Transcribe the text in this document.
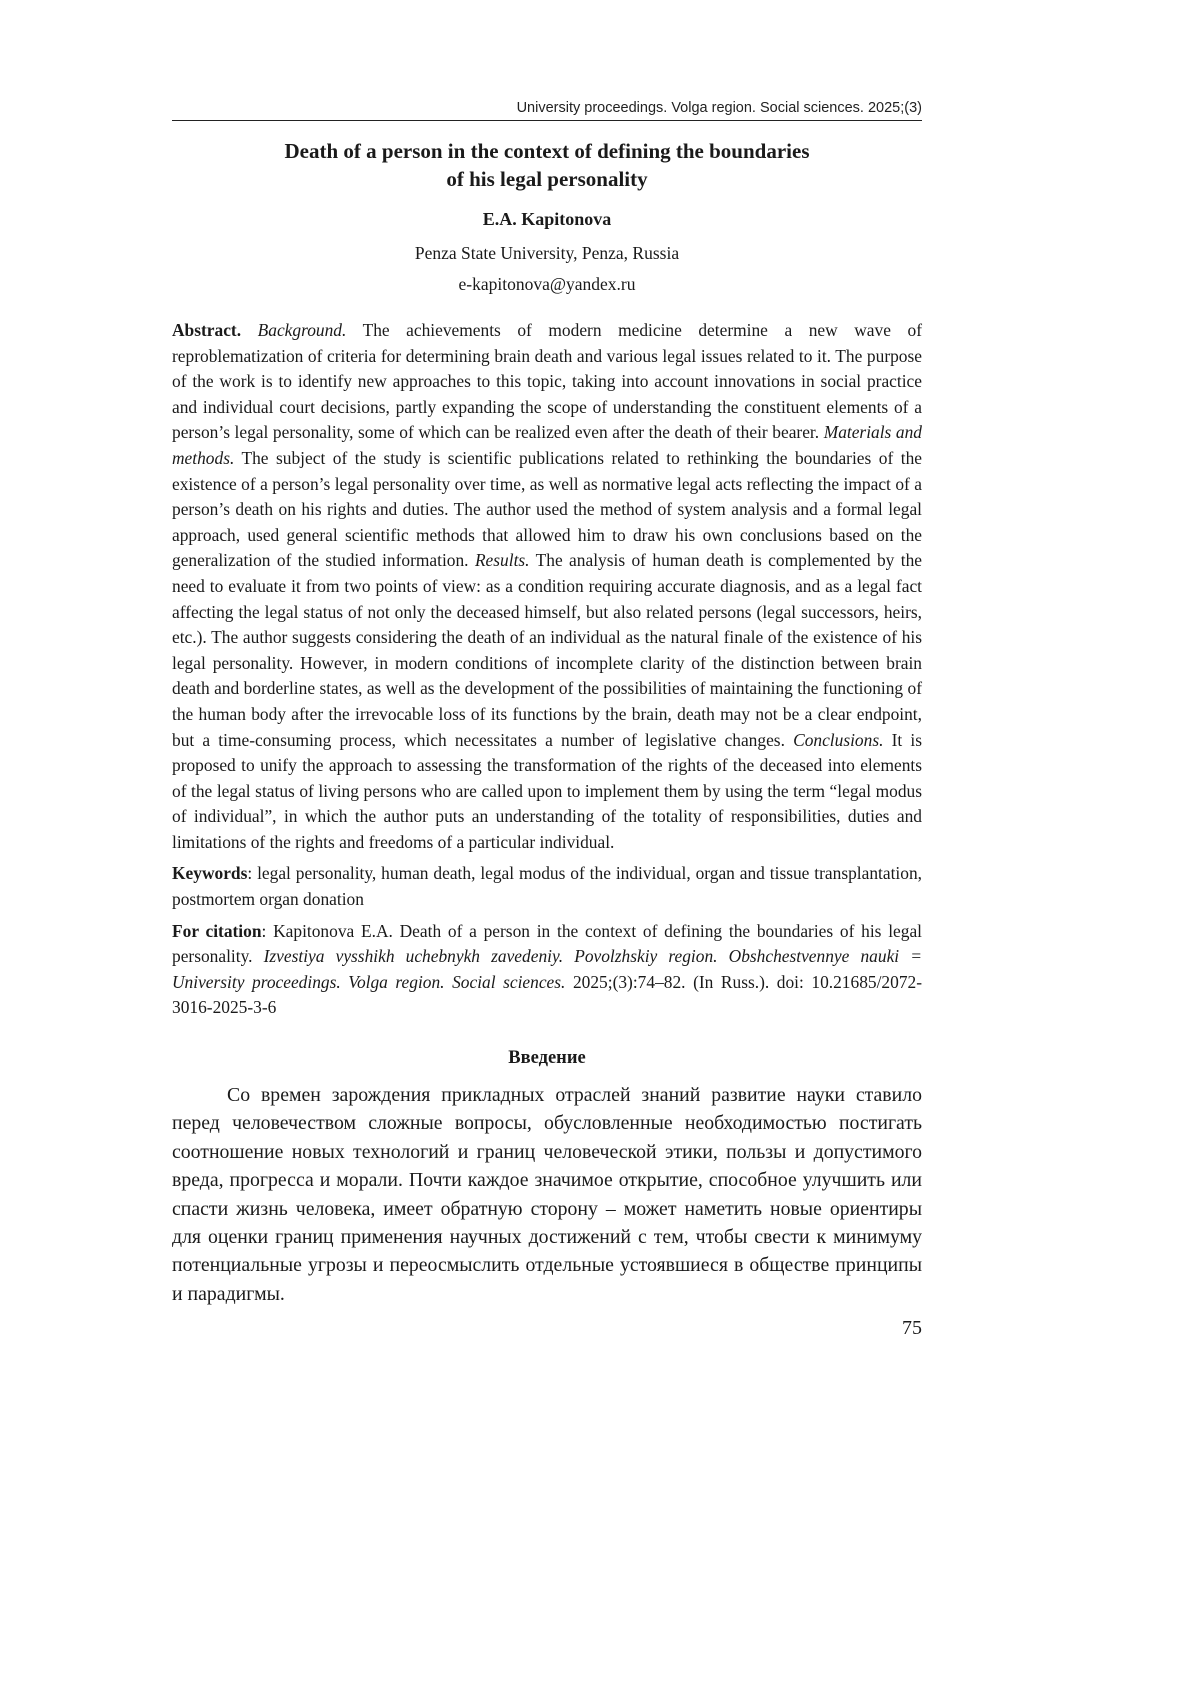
University proceedings. Volga region. Social sciences. 2025;(3)
Death of a person in the context of defining the boundaries
of his legal personality
E.A. Kapitonova
Penza State University, Penza, Russia
e-kapitonova@yandex.ru
Abstract. Background. The achievements of modern medicine determine a new wave of reproblematization of criteria for determining brain death and various legal issues related to it. The purpose of the work is to identify new approaches to this topic, taking into account innovations in social practice and individual court decisions, partly expanding the scope of understanding the constituent elements of a person’s legal personality, some of which can be realized even after the death of their bearer. Materials and methods. The subject of the study is scientific publications related to rethinking the boundaries of the existence of a person’s legal personality over time, as well as normative legal acts reflecting the impact of a person’s death on his rights and duties. The author used the method of system analysis and a formal legal approach, used general scientific methods that allowed him to draw his own conclusions based on the generalization of the studied information. Results. The analysis of human death is complemented by the need to evaluate it from two points of view: as a condition requiring accurate diagnosis, and as a legal fact affecting the legal status of not only the deceased himself, but also related persons (legal successors, heirs, etc.). The author suggests considering the death of an individual as the natural finale of the existence of his legal personality. However, in modern conditions of incomplete clarity of the distinction between brain death and borderline states, as well as the development of the possibilities of maintaining the functioning of the human body after the irrevocable loss of its functions by the brain, death may not be a clear endpoint, but a time-consuming process, which necessitates a number of legislative changes. Conclusions. It is proposed to unify the approach to assessing the transformation of the rights of the deceased into elements of the legal status of living persons who are called upon to implement them by using the term “legal modus of individual”, in which the author puts an understanding of the totality of responsibilities, duties and limitations of the rights and freedoms of a particular individual.
Keywords: legal personality, human death, legal modus of the individual, organ and tissue transplantation, postmortem organ donation
For citation: Kapitonova E.A. Death of a person in the context of defining the boundaries of his legal personality. Izvestiya vysshikh uchebnykh zavedeniy. Povolzhskiy region. Obshchestvennye nauki = University proceedings. Volga region. Social sciences. 2025;(3):74–82. (In Russ.). doi: 10.21685/2072-3016-2025-3-6
Введение

Со времен зарождения прикладных отраслей знаний развитие науки ставило перед человечеством сложные вопросы, обусловленные необходимостью постигать соотношение новых технологий и границ человеческой этики, пользы и допустимого вреда, прогресса и морали. Почти каждое значимое открытие, способное улучшить или спасти жизнь человека, имеет обратную сторону – может наметить новые ориентиры для оценки границ применения научных достижений с тем, чтобы свести к минимуму потенциальные угрозы и переосмыслить отдельные устоявшиеся в обществе принципы и парадигмы.

75
